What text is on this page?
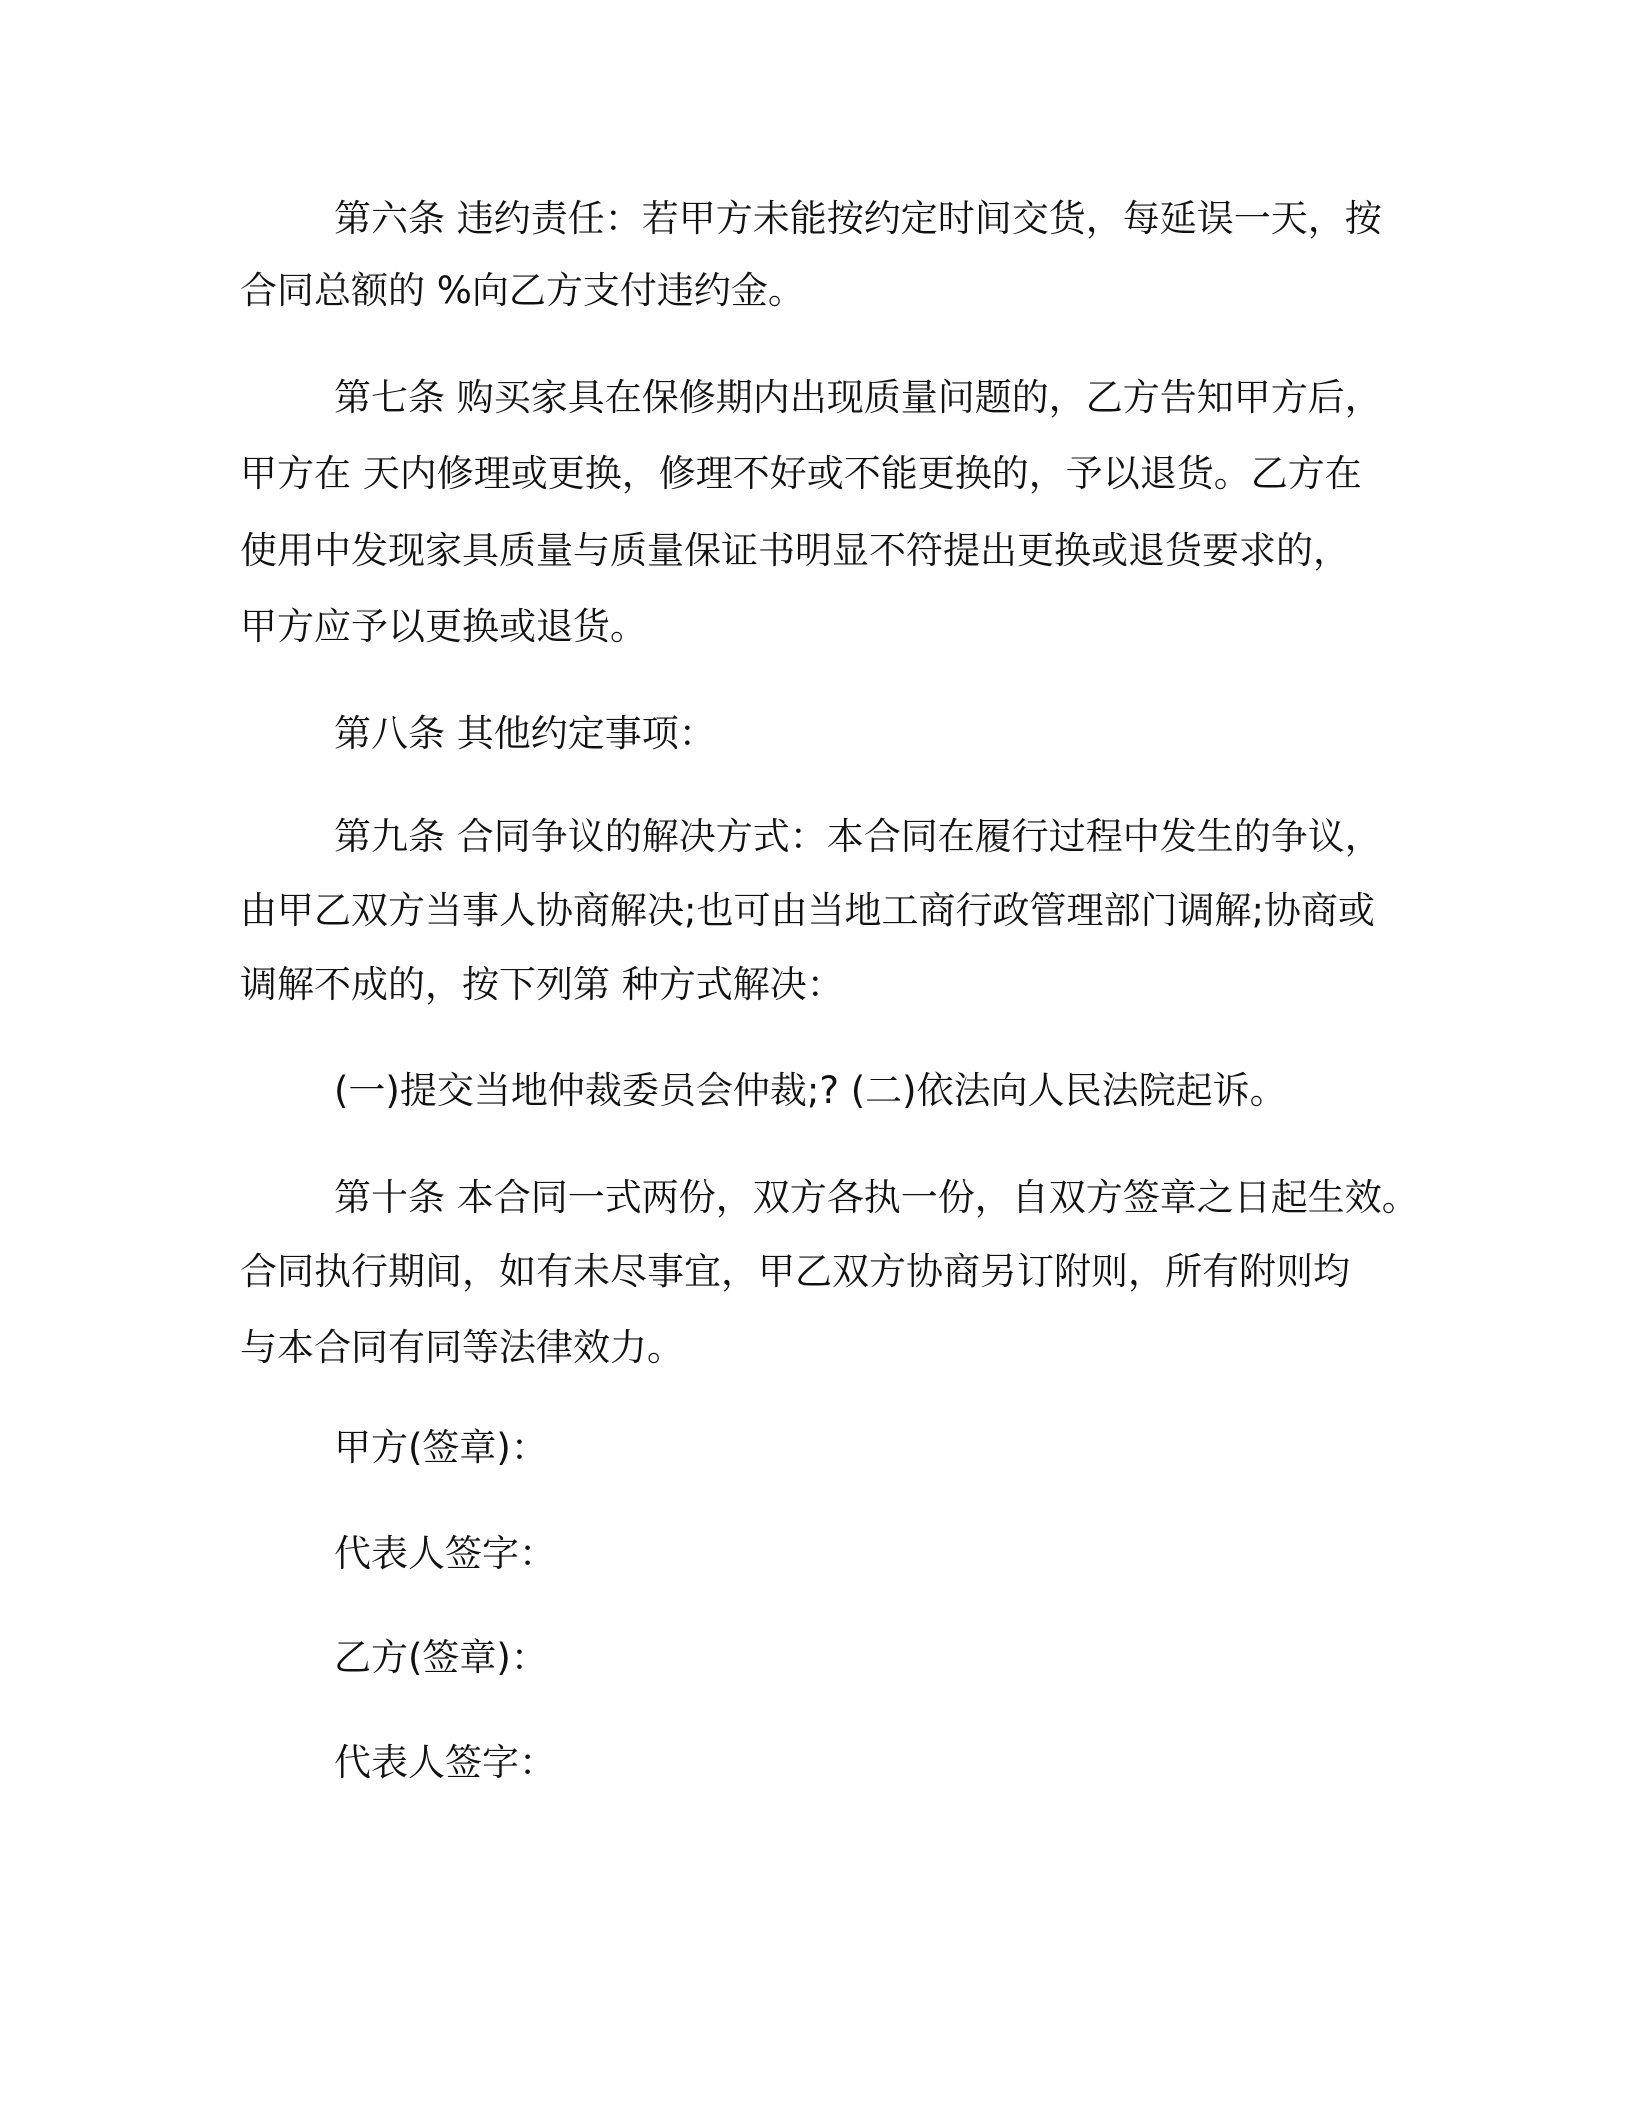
第六条 违约责任：若甲方未能按约定时间交货，每延误一天，按
合同总额的 %向乙方支付违约金。
第七条 购买家具在保修期内出现质量问题的，乙方告知甲方后，
甲方在 天内修理或更换，修理不好或不能更换的，予以退货。乙方在
使用中发现家具质量与质量保证书明显不符提出更换或退货要求的，
甲方应予以更换或退货。
第八条 其他约定事项：
第九条 合同争议的解决方式：本合同在履行过程中发生的争议，
由甲乙双方当事人协商解决;也可由当地工商行政管理部门调解;协商或
调解不成的，按下列第 种方式解决：
(一)提交当地仲裁委员会仲裁;? (二)依法向人民法院起诉。
第十条 本合同一式两份，双方各执一份，自双方签章之日起生效。
合同执行期间，如有未尽事宜，甲乙双方协商另订附则，所有附则均
与本合同有同等法律效力。
甲方(签章)：
代表人签字：
乙方(签章)：
代表人签字：
